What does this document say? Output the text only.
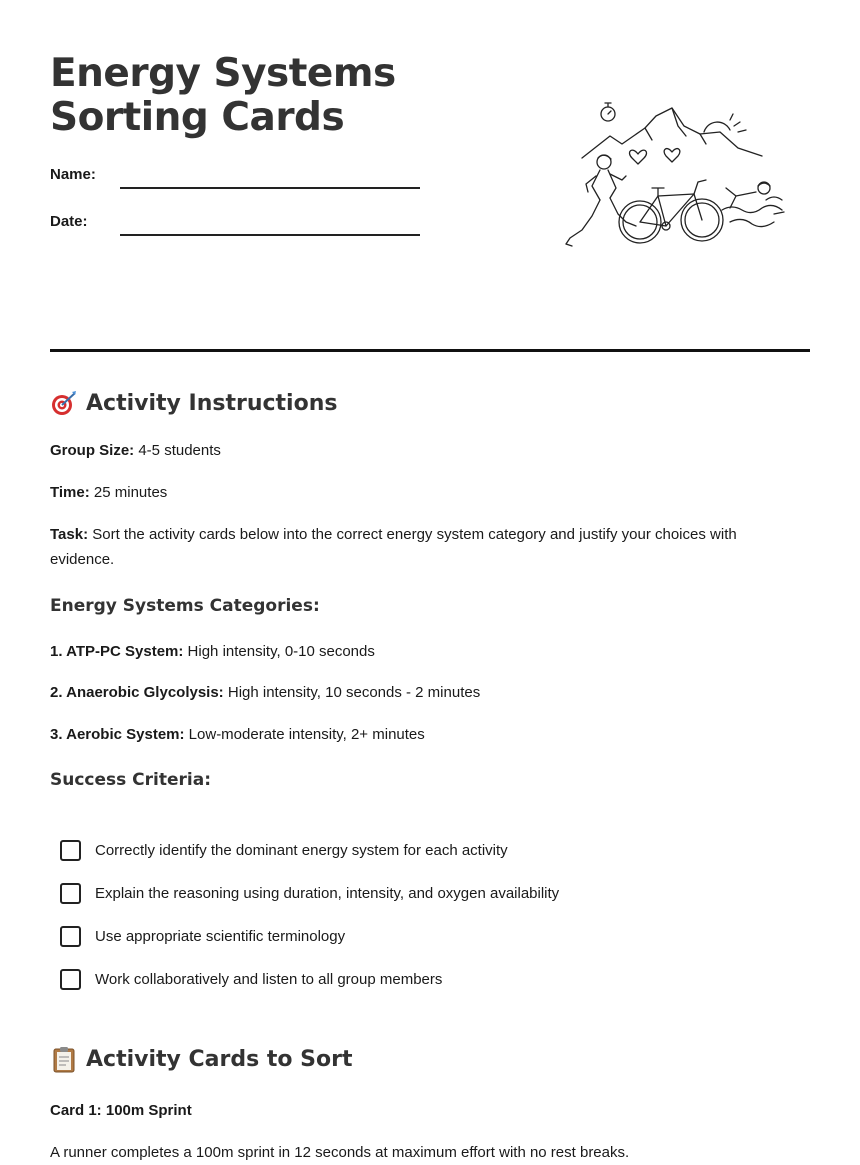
Energy Systems Sorting Cards
Name:
Date:
Activity Instructions

Group Size: 4-5 students

Time: 25 minutes

Task: Sort the activity cards below into the correct energy system category and justify your choices with evidence.

Energy Systems Categories:

1. ATP-PC System: High intensity, 0-10 seconds

2. Anaerobic Glycolysis: High intensity, 10 seconds - 2 minutes

3. Aerobic System: Low-moderate intensity, 2+ minutes

Success Criteria:
Correctly identify the dominant energy system for each activity
Explain the reasoning using duration, intensity, and oxygen availability
Use appropriate scientific terminology
Work collaboratively and listen to all group members
Activity Cards to Sort

Card 1: 100m Sprint

A runner completes a 100m sprint in 12 seconds at maximum effort with no rest breaks.
